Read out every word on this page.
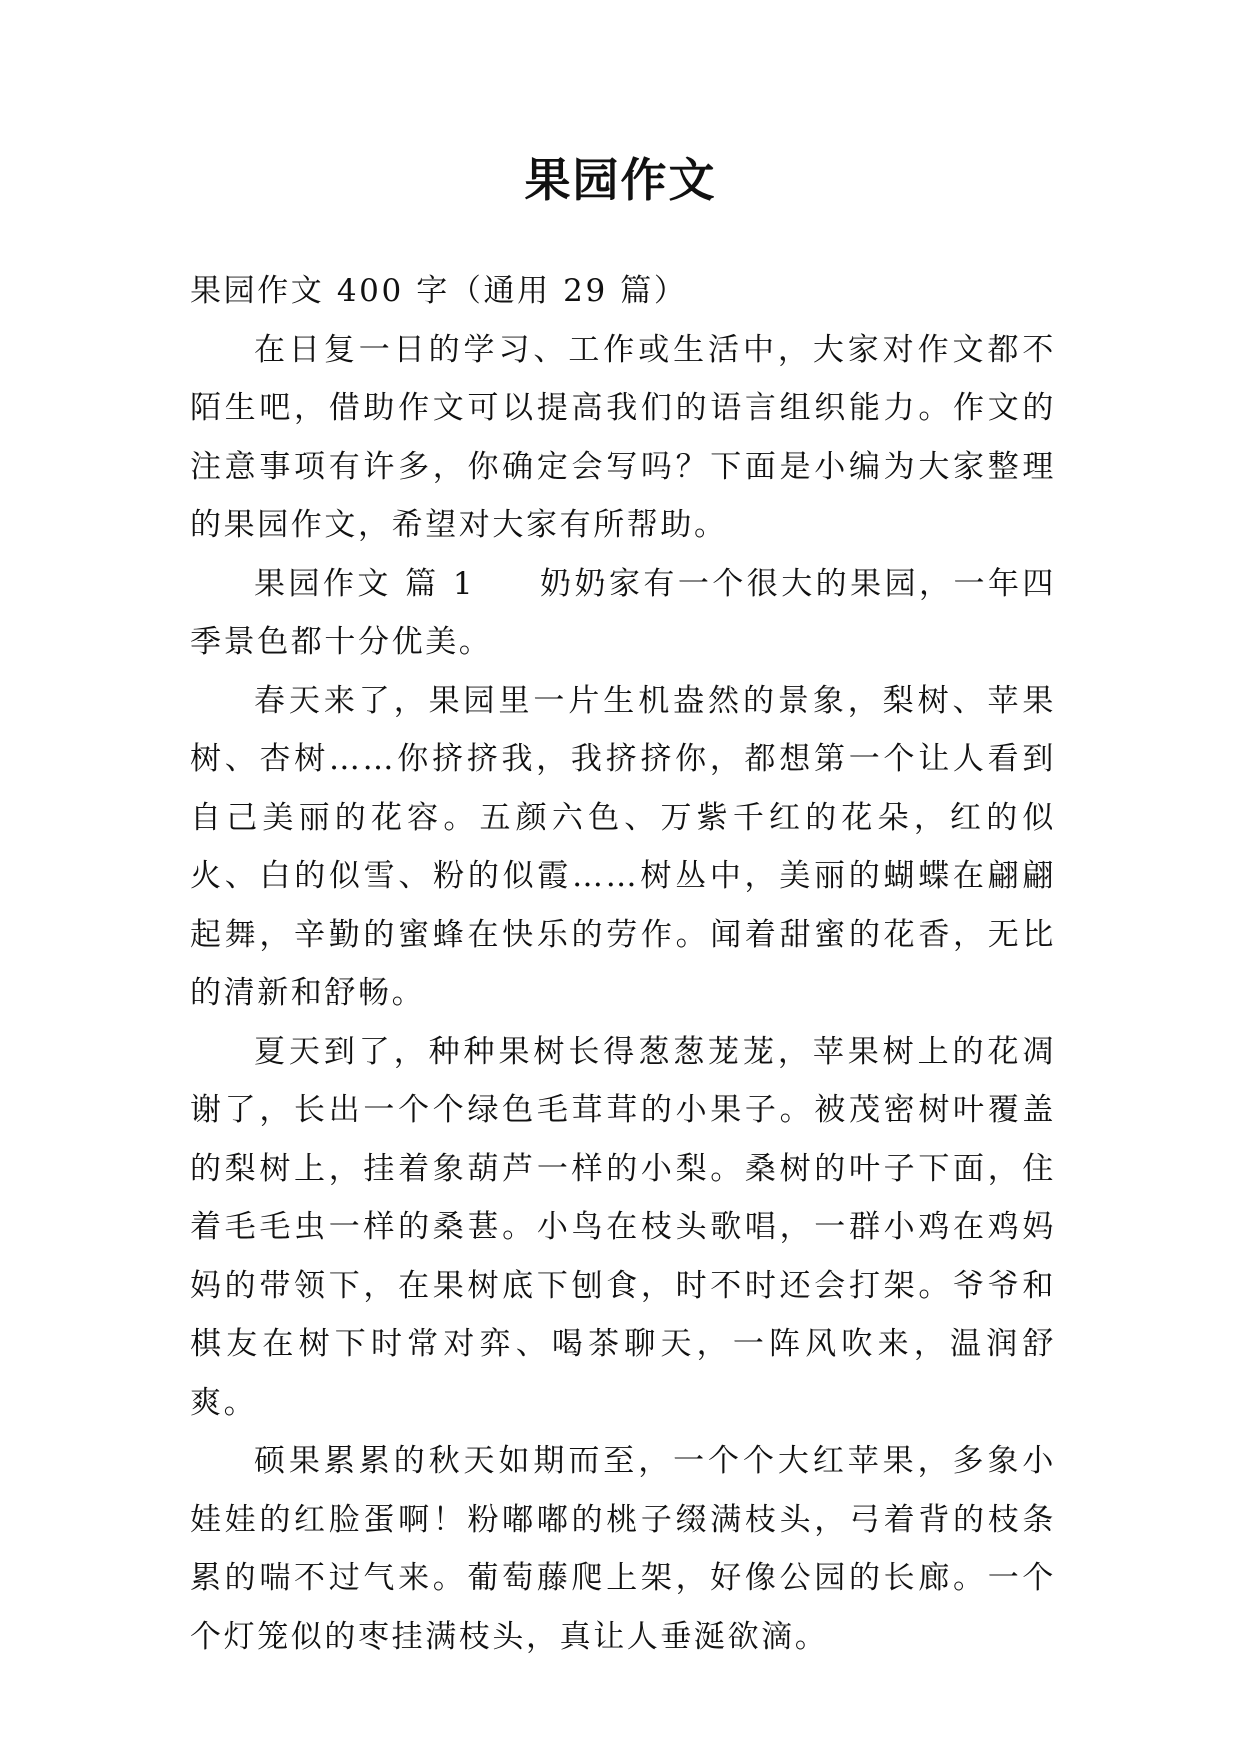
果园作文

果园作文 400 字（通用 29 篇）

在日复一日的学习、工作或生活中，大家对作文都不陌生吧，借助作文可以提高我们的语言组织能力。作文的注意事项有许多，你确定会写吗？下面是小编为大家整理的果园作文，希望对大家有所帮助。

果园作文 篇 1 奶奶家有一个很大的果园，一年四季景色都十分优美。

春天来了，果园里一片生机盎然的景象，梨树、苹果树、杏树……你挤挤我，我挤挤你，都想第一个让人看到自己美丽的花容。五颜六色、万紫千红的花朵，红的似火、白的似雪、粉的似霞……树丛中，美丽的蝴蝶在翩翩起舞，辛勤的蜜蜂在快乐的劳作。闻着甜蜜的花香，无比的清新和舒畅。

夏天到了，种种果树长得葱葱茏茏，苹果树上的花凋谢了，长出一个个绿色毛茸茸的小果子。被茂密树叶覆盖的梨树上，挂着象葫芦一样的小梨。桑树的叶子下面，住着毛毛虫一样的桑葚。小鸟在枝头歌唱，一群小鸡在鸡妈妈的带领下，在果树底下刨食，时不时还会打架。爷爷和棋友在树下时常对弈、喝茶聊天，一阵风吹来，温润舒爽。

硕果累累的秋天如期而至，一个个大红苹果，多象小娃娃的红脸蛋啊！粉嘟嘟的桃子缀满枝头，弓着背的枝条累的喘不过气来。葡萄藤爬上架，好像公园的长廊。一个个灯笼似的枣挂满枝头，真让人垂涎欲滴。
